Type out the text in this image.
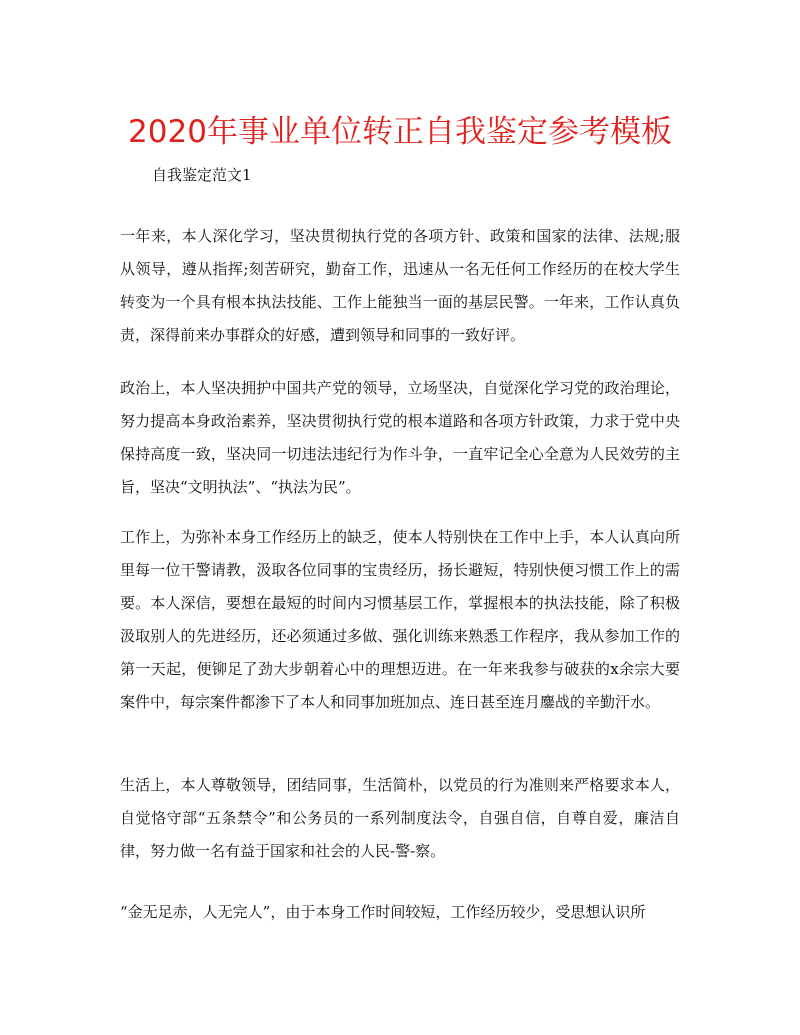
2020年事业单位转正自我鉴定参考模板

自我鉴定范文1

一年来，本人深化学习，坚决贯彻执行党的各项方针、政策和国家的法律、法规;服从领导，遵从指挥;刻苦研究，勤奋工作，迅速从一名无任何工作经历的在校大学生转变为一个具有根本执法技能、工作上能独当一面的基层民警。一年来，工作认真负责，深得前来办事群众的好感，遭到领导和同事的一致好评。

政治上，本人坚决拥护中国共产党的领导，立场坚决，自觉深化学习党的政治理论，努力提高本身政治素养，坚决贯彻执行党的根本道路和各项方针政策，力求于党中央保持高度一致，坚决同一切违法违纪行为作斗争，一直牢记全心全意为人民效劳的主旨，坚决“文明执法”、“执法为民”。

工作上，为弥补本身工作经历上的缺乏，使本人特别快在工作中上手，本人认真向所里每一位干警请教，汲取各位同事的宝贵经历，扬长避短，特别快便习惯工作上的需要。本人深信，要想在最短的时间内习惯基层工作，掌握根本的执法技能，除了积极汲取别人的先进经历，还必须通过多做、强化训练来熟悉工作程序，我从参加工作的第一天起，便铆足了劲大步朝着心中的理想迈进。在一年来我参与破获的x余宗大要案件中，每宗案件都渗下了本人和同事加班加点、连日甚至连月鏖战的辛勤汗水。

生活上，本人尊敬领导，团结同事，生活简朴，以党员的行为准则来严格要求本人，自觉恪守部“五条禁令”和公务员的一系列制度法令，自强自信，自尊自爱，廉洁自律，努力做一名有益于国家和社会的人民-警-察。

“金无足赤，人无完人”，由于本身工作时间较短，工作经历较少，受思想认识所
